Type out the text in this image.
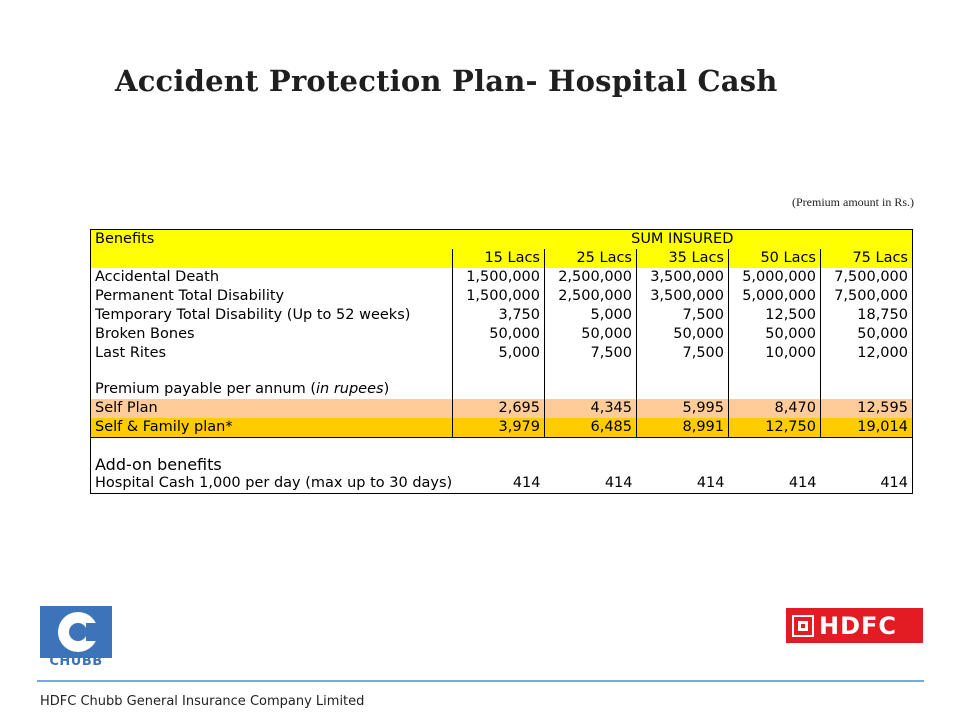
Accident Protection Plan- Hospital Cash
(Premium amount in Rs.)
Benefits	SUM INSURED				
	15 Lacs	25 Lacs	35 Lacs	50 Lacs	75 Lacs
Accidental Death	1,500,000	2,500,000	3,500,000	5,000,000	7,500,000
Permanent Total Disability	1,500,000	2,500,000	3,500,000	5,000,000	7,500,000
Temporary Total Disability (Up to 52 weeks)	3,750	5,000	7,500	12,500	18,750
Broken Bones	50,000	50,000	50,000	50,000	50,000
Last Rites	5,000	7,500	7,500	10,000	12,000

Premium payable per annum (in rupees)					
Self Plan	2,695	4,345	5,995	8,470	12,595
Self & Family plan*	3,979	6,485	8,991	12,750	19,014

Add-on benefits					
Hospital Cash 1,000 per day (max up to 30 days)	414	414	414	414	414
CHUBB
HDFC
HDFC Chubb General Insurance Company Limited
